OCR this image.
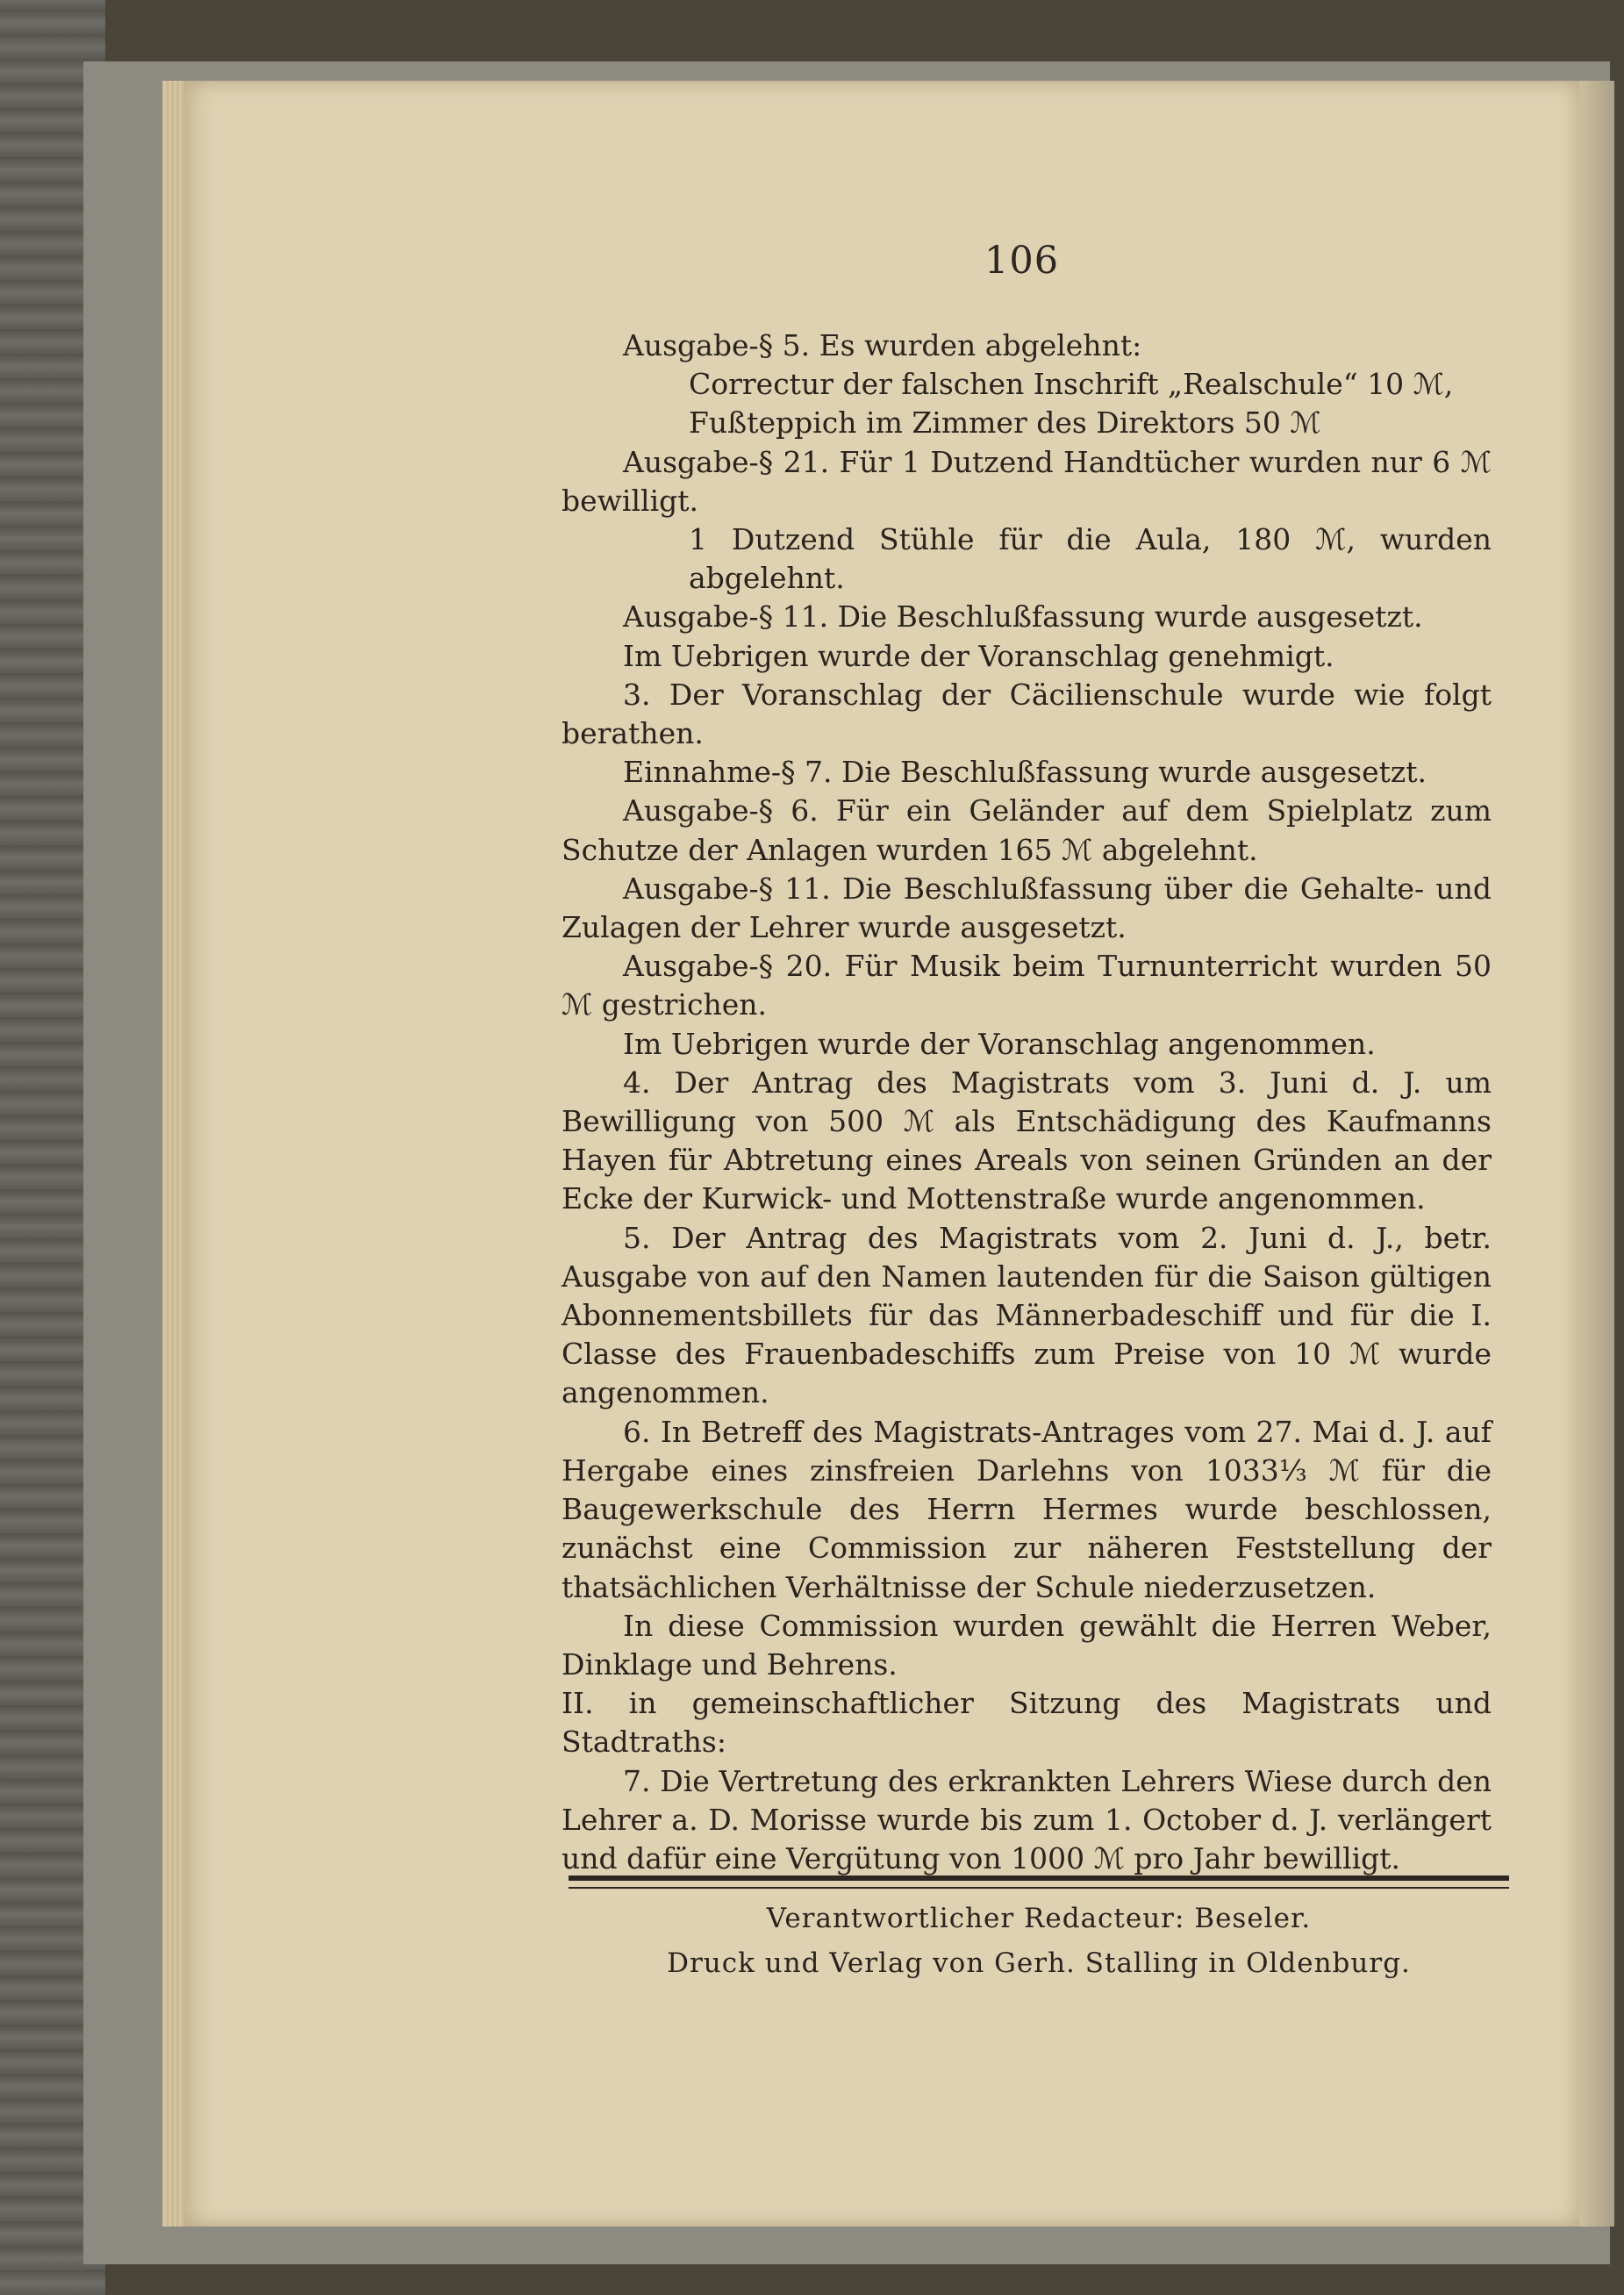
106

Ausgabe-§ 5. Es wurden abgelehnt:

Correctur der falschen Inschrift „Realschule“ 10 ℳ,

Fußteppich im Zimmer des Direktors 50 ℳ

Ausgabe-§ 21. Für 1 Dutzend Handtücher wurden nur 6 ℳ bewilligt.

1 Dutzend Stühle für die Aula, 180 ℳ, wurden abgelehnt.

Ausgabe-§ 11. Die Beschlußfassung wurde ausgesetzt.

Im Uebrigen wurde der Voranschlag genehmigt.

3. Der Voranschlag der Cäcilienschule wurde wie folgt berathen.

Einnahme-§ 7. Die Beschlußfassung wurde ausgesetzt.

Ausgabe-§ 6. Für ein Geländer auf dem Spielplatz zum Schutze der Anlagen wurden 165 ℳ abgelehnt.

Ausgabe-§ 11. Die Beschlußfassung über die Gehalte- und Zulagen der Lehrer wurde ausgesetzt.

Ausgabe-§ 20. Für Musik beim Turnunterricht wurden 50 ℳ gestrichen.

Im Uebrigen wurde der Voranschlag angenommen.

4. Der Antrag des Magistrats vom 3. Juni d. J. um Bewilligung von 500 ℳ als Entschädigung des Kaufmanns Hayen für Abtretung eines Areals von seinen Gründen an der Ecke der Kurwick- und Mottenstraße wurde angenommen.

5. Der Antrag des Magistrats vom 2. Juni d. J., betr. Ausgabe von auf den Namen lautenden für die Saison gültigen Abonnementsbillets für das Männerbadeschiff und für die I. Classe des Frauenbadeschiffs zum Preise von 10 ℳ wurde angenommen.

6. In Betreff des Magistrats-Antrages vom 27. Mai d. J. auf Hergabe eines zinsfreien Darlehns von 1033⅓ ℳ für die Baugewerkschule des Herrn Hermes wurde beschlossen, zunächst eine Commission zur näheren Feststellung der thatsächlichen Verhältnisse der Schule niederzusetzen.

In diese Commission wurden gewählt die Herren Weber, Dinklage und Behrens.

II. in gemeinschaftlicher Sitzung des Magistrats und Stadtraths:

7. Die Vertretung des erkrankten Lehrers Wiese durch den Lehrer a. D. Morisse wurde bis zum 1. October d. J. verlängert und dafür eine Vergütung von 1000 ℳ pro Jahr bewilligt.

Verantwortlicher Redacteur: Beseler.
Druck und Verlag von Gerh. Stalling in Oldenburg.
